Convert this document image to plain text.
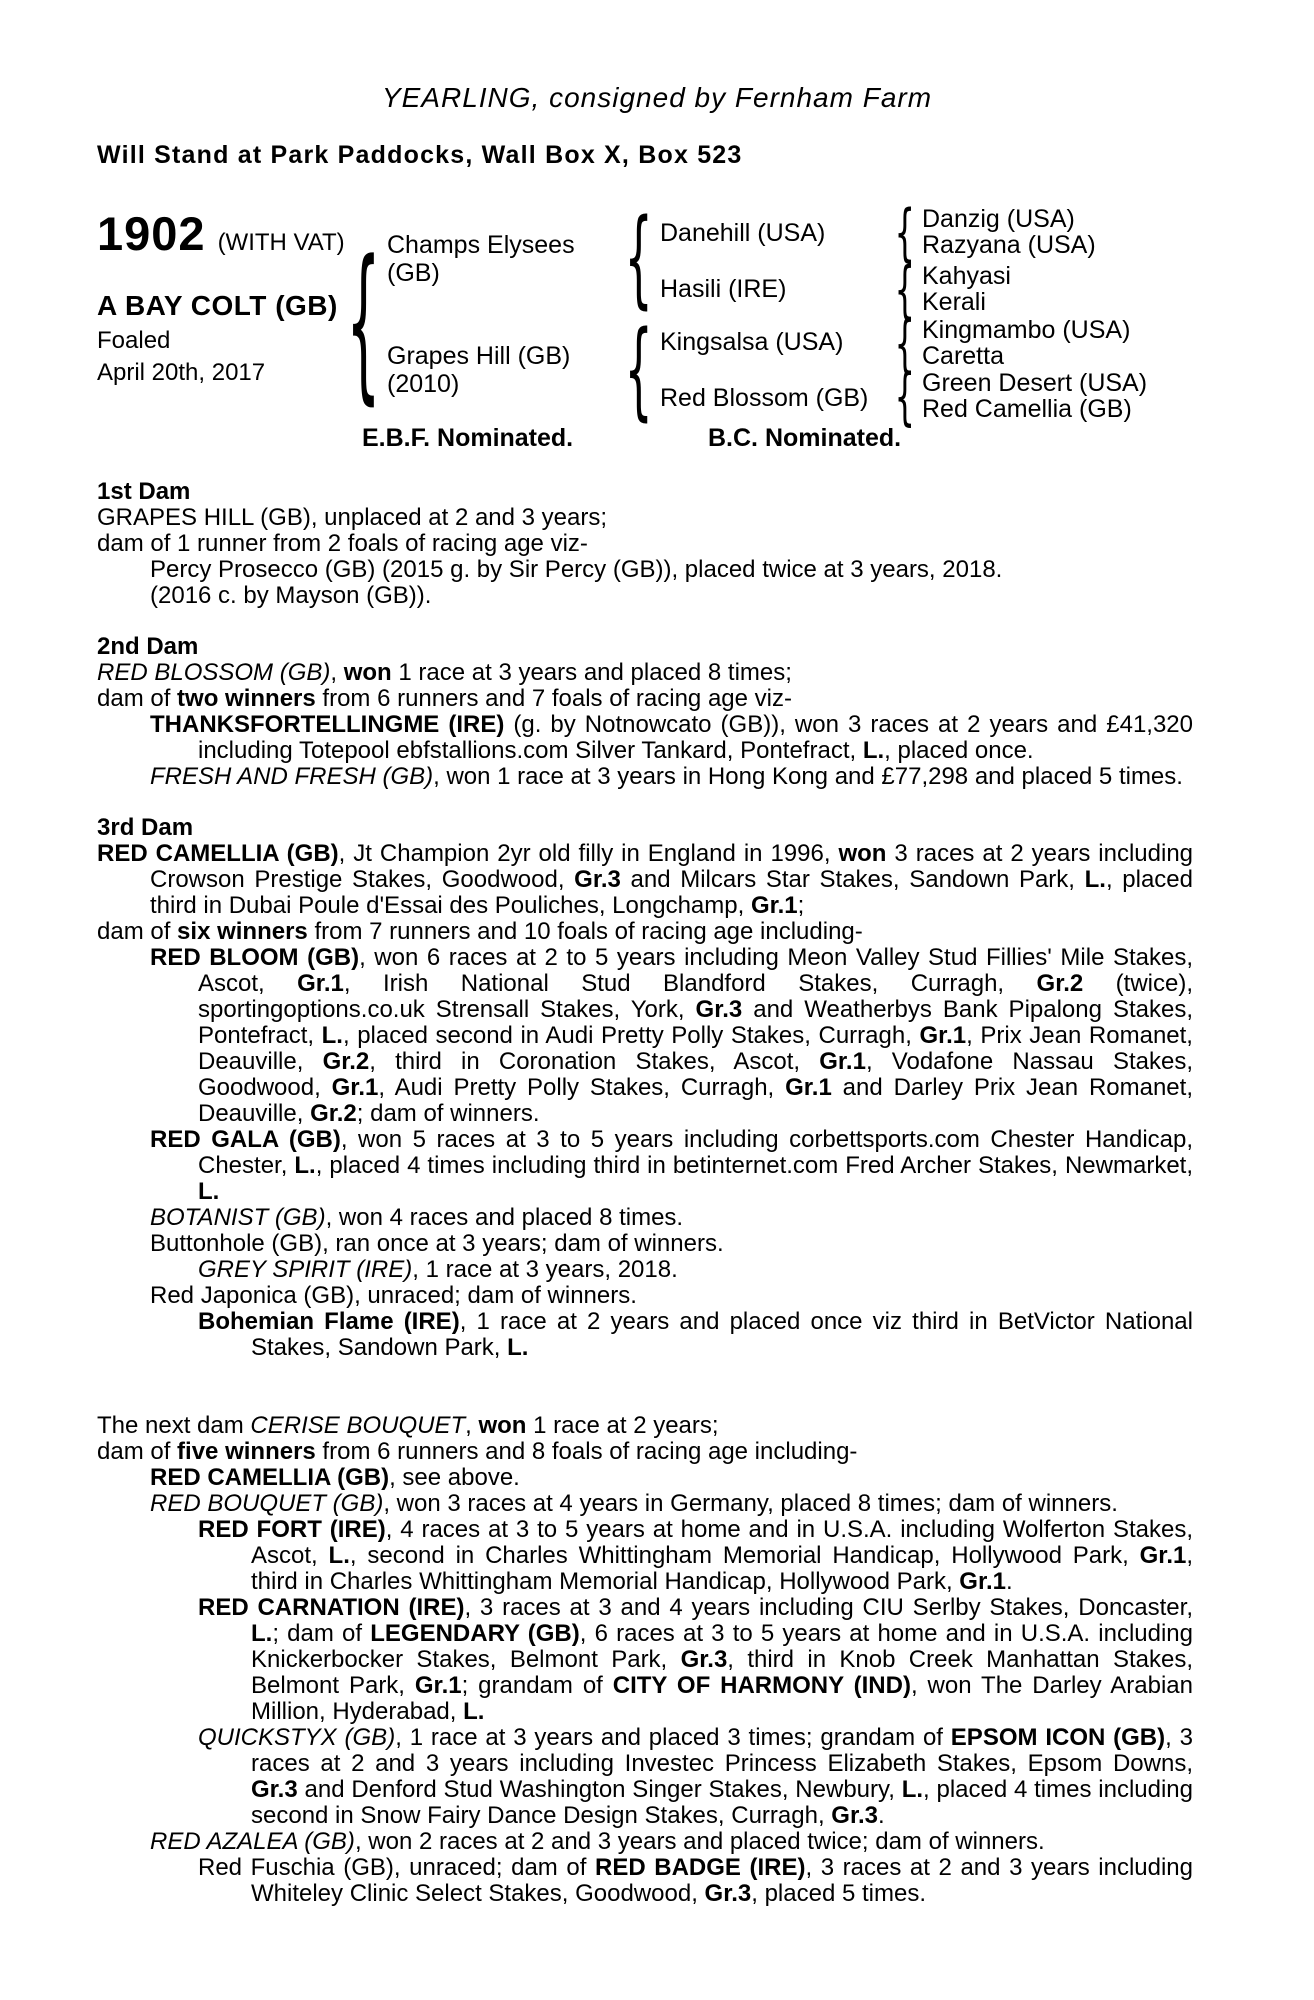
YEARLING, consigned by Fernham Farm
Will Stand at Park Paddocks, Wall Box X, Box 523
1902 (WITH VAT)
A BAY COLT (GB)
Foaled
April 20th, 2017 { {
{
{
{
{
{
Champs Elysees
(GB)
Grapes Hill (GB)
(2010)
Danehill (USA)
Hasili (IRE)
Kingsalsa (USA)
Red Blossom (GB)
Danzig (USA)
Razyana (USA)
Kahyasi
Kerali
Kingmambo (USA)
Caretta
Green Desert (USA)
Red Camellia (GB)
E.B.F. Nominated.	B.C. Nominated.

1st Dam

GRAPES HILL (GB), unplaced at 2 and 3 years;

dam of 1 runner from 2 foals of racing age viz-

Percy Prosecco (GB) (2015 g. by Sir Percy (GB)), placed twice at 3 years, 2018.

(2016 c. by Mayson (GB)).

2nd Dam

RED BLOSSOM (GB), won 1 race at 3 years and placed 8 times;

dam of two winners from 6 runners and 7 foals of racing age viz-

THANKSFORTELLINGME (IRE) (g. by Notnowcato (GB)), won 3 races at 2 years and £41,320 including Totepool ebfstallions.com Silver Tankard, Pontefract, L., placed once.

FRESH AND FRESH (GB), won 1 race at 3 years in Hong Kong and £77,298 and placed 5 times.

3rd Dam

RED CAMELLIA (GB), Jt Champion 2yr old filly in England in 1996, won 3 races at 2 years including Crowson Prestige Stakes, Goodwood, Gr.3 and Milcars Star Stakes, Sandown Park, L., placed third in Dubai Poule d'Essai des Pouliches, Longchamp, Gr.1;

dam of six winners from 7 runners and 10 foals of racing age including-

RED BLOOM (GB), won 6 races at 2 to 5 years including Meon Valley Stud Fillies' Mile Stakes, Ascot, Gr.1, Irish National Stud Blandford Stakes, Curragh, Gr.2 (twice), sportingoptions.co.uk Strensall Stakes, York, Gr.3 and Weatherbys Bank Pipalong Stakes, Pontefract, L., placed second in Audi Pretty Polly Stakes, Curragh, Gr.1, Prix Jean Romanet, Deauville, Gr.2, third in Coronation Stakes, Ascot, Gr.1, Vodafone Nassau Stakes, Goodwood, Gr.1, Audi Pretty Polly Stakes, Curragh, Gr.1 and Darley Prix Jean Romanet, Deauville, Gr.2; dam of winners.

RED GALA (GB), won 5 races at 3 to 5 years including corbettsports.com Chester Handicap, Chester, L., placed 4 times including third in betinternet.com Fred Archer Stakes, Newmarket, L.

BOTANIST (GB), won 4 races and placed 8 times.

Buttonhole (GB), ran once at 3 years; dam of winners.

GREY SPIRIT (IRE), 1 race at 3 years, 2018.

Red Japonica (GB), unraced; dam of winners.

Bohemian Flame (IRE), 1 race at 2 years and placed once viz third in BetVictor National Stakes, Sandown Park, L.

The next dam CERISE BOUQUET, won 1 race at 2 years;

dam of five winners from 6 runners and 8 foals of racing age including-

RED CAMELLIA (GB), see above.

RED BOUQUET (GB), won 3 races at 4 years in Germany, placed 8 times; dam of winners.

RED FORT (IRE), 4 races at 3 to 5 years at home and in U.S.A. including Wolferton Stakes, Ascot, L., second in Charles Whittingham Memorial Handicap, Hollywood Park, Gr.1, third in Charles Whittingham Memorial Handicap, Hollywood Park, Gr.1.

RED CARNATION (IRE), 3 races at 3 and 4 years including CIU Serlby Stakes, Doncaster, L.; dam of LEGENDARY (GB), 6 races at 3 to 5 years at home and in U.S.A. including Knickerbocker Stakes, Belmont Park, Gr.3, third in Knob Creek Manhattan Stakes, Belmont Park, Gr.1; grandam of CITY OF HARMONY (IND), won The Darley Arabian Million, Hyderabad, L.

QUICKSTYX (GB), 1 race at 3 years and placed 3 times; grandam of EPSOM ICON (GB), 3 races at 2 and 3 years including Investec Princess Elizabeth Stakes, Epsom Downs, Gr.3 and Denford Stud Washington Singer Stakes, Newbury, L., placed 4 times including second in Snow Fairy Dance Design Stakes, Curragh, Gr.3.

RED AZALEA (GB), won 2 races at 2 and 3 years and placed twice; dam of winners.

Red Fuschia (GB), unraced; dam of RED BADGE (IRE), 3 races at 2 and 3 years including Whiteley Clinic Select Stakes, Goodwood, Gr.3, placed 5 times.
